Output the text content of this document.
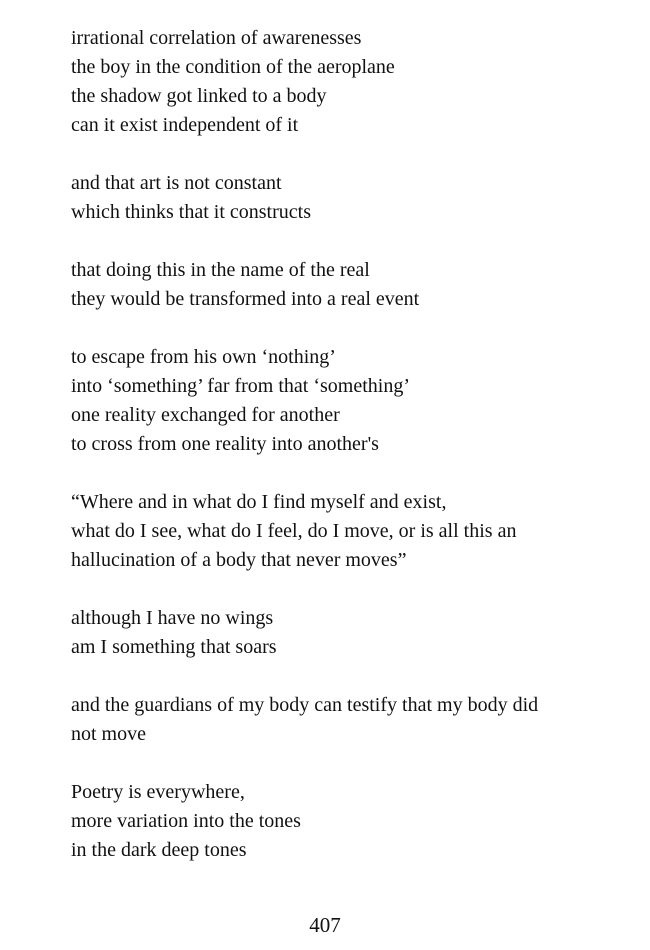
irrational correlation of awarenesses
the boy in the condition of the aeroplane
the shadow got linked to a body
can it exist independent of it
and that art is not constant
which thinks that it constructs
that doing this in the name of the real
they would be transformed into a real event
to escape from his own ‘nothing’
into ‘something’ far from that ‘something’
one reality exchanged for another
to cross from one reality into another's
“Where and in what do I find myself and exist,
what do I see, what do I feel, do I move, or is all this an
hallucination of a body that never moves”
although I have no wings
am I something that soars
and the guardians of my body can testify that my body did
not move
Poetry is everywhere,
more variation into the tones
in the dark deep tones
407
